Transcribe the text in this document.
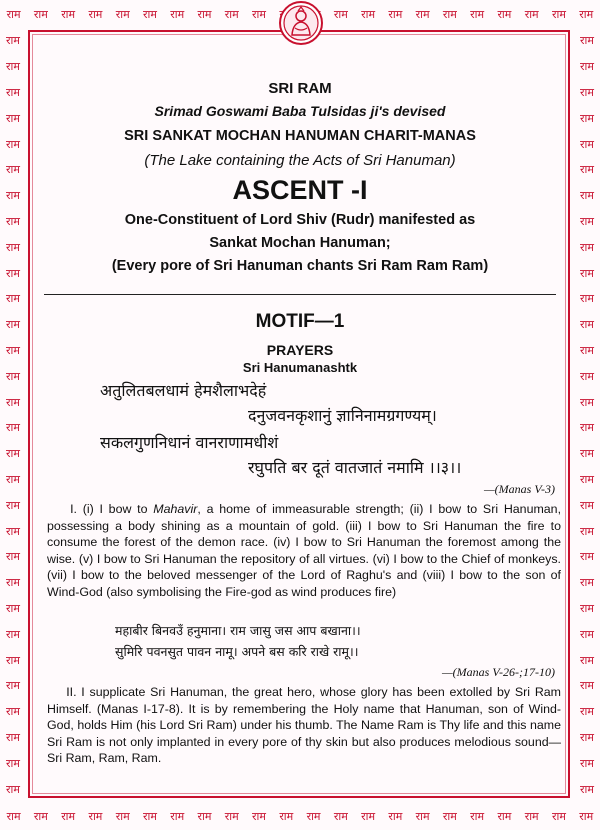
राम राम राम राम राम राम राम राम राम राम	राम राम राम राम राम राम राम राम राम राम
राम राम राम राम राम राम राम राम राम राम राम राम राम राम राम राम राम राम राम राम राम राम
राम
राम
राम
राम
राम
राम
राम
राम
राम
राम
राम
राम
राम
राम
राम
राम
राम
राम
राम
राम
राम
राम
राम
राम
राम
राम
राम
राम
राम
राम
राम
राम
राम
राम
राम
राम
राम
राम
राम
राम
राम
राम
राम
राम
राम
राम
राम
राम
राम
राम
राम
राम
राम
राम
राम
राम
राम
राम
राम
राम
SRI RAM
Srimad Goswami Baba Tulsidas ji's devised
SRI SANKAT MOCHAN HANUMAN CHARIT-MANAS
(The Lake containing the Acts of Sri Hanuman)
ASCENT -I
One-Constituent of Lord Shiv (Rudr) manifested as
Sankat Mochan Hanuman;
(Every pore of Sri Hanuman chants Sri Ram Ram Ram)
MOTIF—1
PRAYERS
Sri Hanumanashtk
अतुलितबलधामं हेमशैलाभदेहं
दनुजवनकृशानुं ज्ञानिनामग्रगण्यम्।
सकलगुणनिधानं वानराणामधीशं
रघुपति बर दूतं वातजातं नमामि ।।३।।
—(Manas V-3)
I. (i) I bow to Mahavir, a home of immeasurable strength; (ii) I bow to Sri Hanuman, possessing a body shining as a mountain of gold. (iii) I bow to Sri Hanuman the fire to consume the forest of the demon race. (iv) I bow to Sri Hanuman the foremost among the wise. (v) I bow to Sri Hanuman the repository of all virtues. (vi) I bow to the Chief of monkeys. (vii) I bow to the beloved messenger of the Lord of Raghu's and (viii) I bow to the son of Wind-God (also symbolising the Fire-god as wind produces fire)
महाबीर बिनवउँ हनुमाना। राम जासु जस आप बखाना।।
सुमिरि पवनसुत पावन नामू। अपने बस करि राखे रामू।।
—(Manas V-26-;17-10)
II. I supplicate Sri Hanuman, the great hero, whose glory has been extolled by Sri Ram Himself. (Manas I-17-8). It is by remembering the Holy name that Hanuman, son of Wind-God, holds Him (his Lord Sri Ram) under his thumb. The Name Ram is Thy life and this name Sri Ram is not only implanted in every pore of thy skin but also produces melodious sound—Sri Ram, Ram, Ram.
